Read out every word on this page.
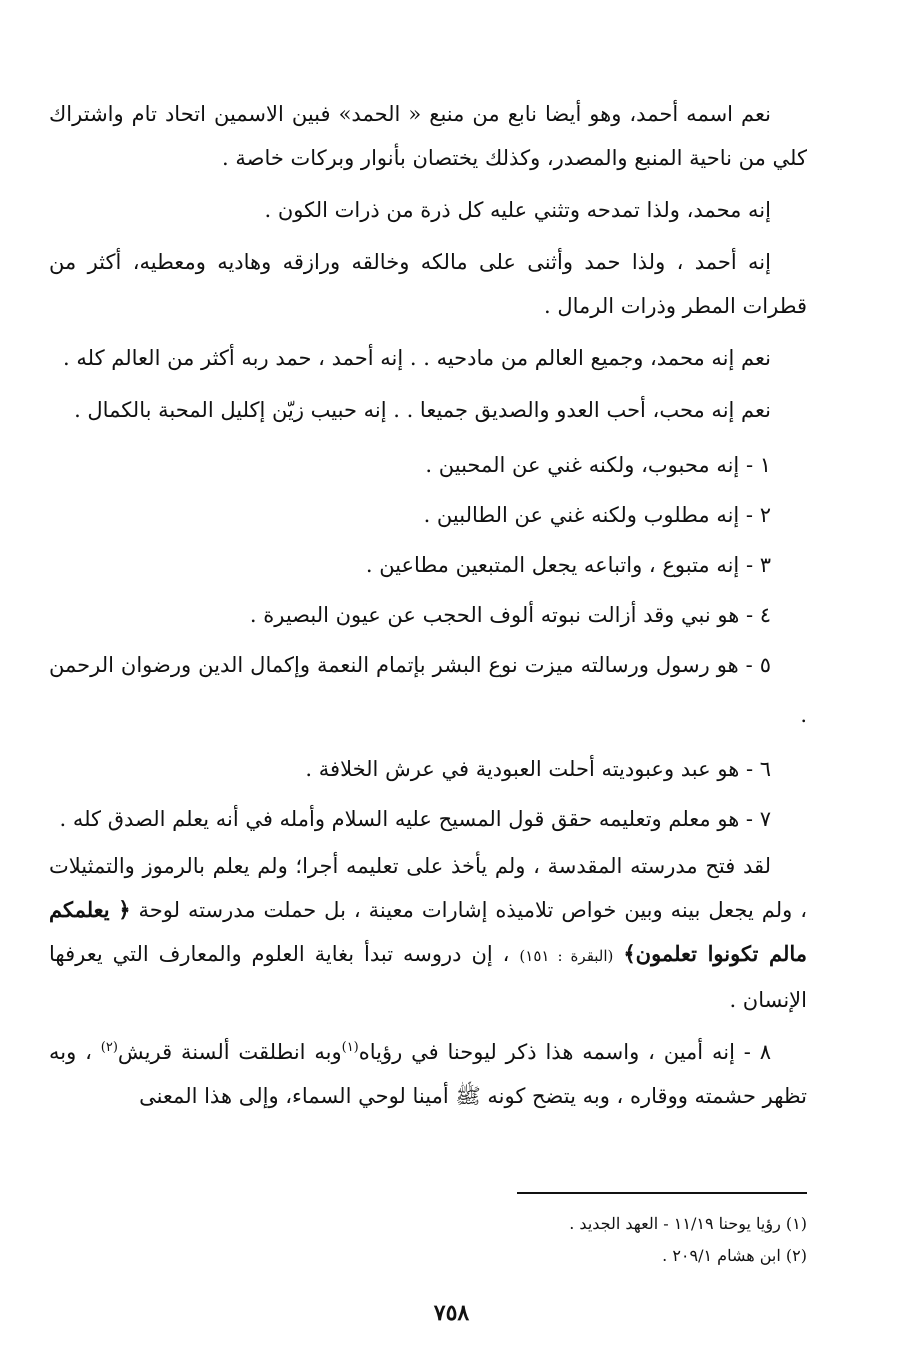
نعم اسمه أحمد، وهو أيضا نابع من منبع « الحمد» فبين الاسمين اتحاد تام واشتراك كلي من ناحية المنبع والمصدر، وكذلك يختصان بأنوار وبركات خاصة .

إنه محمد، ولذا تمدحه وتثني عليه كل ذرة من ذرات الكون .

إنه أحمد ، ولذا حمد وأثنى على مالكه وخالقه ورازقه وهاديه ومعطيه، أكثر من قطرات المطر وذرات الرمال .

نعم إنه محمد، وجميع العالم من مادحيه . . إنه أحمد ، حمد ربه أكثر من العالم كله .

نعم إنه محب، أحب العدو والصديق جميعا . . إنه حبيب زيّن إكليل المحبة بالكمال .

١ - إنه محبوب، ولكنه غني عن المحبين .

٢ - إنه مطلوب ولكنه غني عن الطالبين .

٣ - إنه متبوع ، واتباعه يجعل المتبعين مطاعين .

٤ - هو نبي وقد أزالت نبوته ألوف الحجب عن عيون البصيرة .

٥ - هو رسول ورسالته ميزت نوع البشر بإتمام النعمة وإكمال الدين ورضوان الرحمن .

٦ - هو عبد وعبوديته أحلت العبودية في عرش الخلافة .

٧ - هو معلم وتعليمه حقق قول المسيح عليه السلام وأمله في أنه يعلم الصدق كله .

لقد فتح مدرسته المقدسة ، ولم يأخذ على تعليمه أجرا؛ ولم يعلم بالرموز والتمثيلات ، ولم يجعل بينه وبين خواص تلاميذه إشارات معينة ، بل حملت مدرسته لوحة ﴿ يعلمكم مالم تكونوا تعلمون﴾ (البقرة : ١٥١) ، إن دروسه تبدأ بغاية العلوم والمعارف التي يعرفها الإنسان .

٨ - إنه أمين ، واسمه هذا ذكر ليوحنا في رؤياه$^{(١)}$وبه انطلقت ألسنة قريش$^{(٢)}$ ، وبه تظهر حشمته ووقاره ، وبه يتضح كونه ﷺ أمينا لوحي السماء، وإلى هذا المعنى

(١) رؤيا يوحنا ١١/١٩ - العهد الجديد .

(٢) ابن هشام ٢٠٩/١ .

٧٥٨
